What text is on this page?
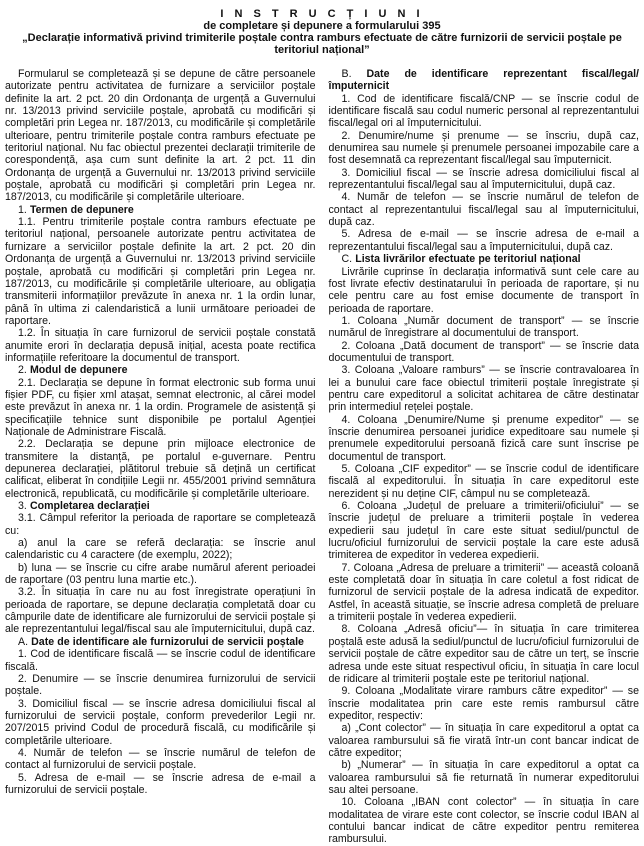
I N S T R U C Ț I U N I
de completare și depunere a formularului 395
„Declarație informativă privind trimiterile poștale contra ramburs efectuate de către furnizorii de servicii poștale pe teritoriul național”

Formularul se completează și se depune de către persoanele autorizate pentru activitatea de furnizare a serviciilor poștale definite la art. 2 pct. 20 din Ordonanța de urgență a Guvernului nr. 13/2013 privind serviciile poștale, aprobată cu modificări și completări prin Legea nr. 187/2013, cu modificările și completările ulterioare, pentru trimiterile poștale contra ramburs efectuate pe teritoriul național. Nu fac obiectul prezentei declarații trimiterile de corespondență, așa cum sunt definite la art. 2 pct. 11 din Ordonanța de urgență a Guvernului nr. 13/2013 privind serviciile poștale, aprobată cu modificări și completări prin Legea nr. 187/2013, cu modificările și completările ulterioare.

1. Termen de depunere

1.1. Pentru trimiterile poștale contra ramburs efectuate pe teritoriul național, persoanele autorizate pentru activitatea de furnizare a serviciilor poștale definite la art. 2 pct. 20 din Ordonanța de urgență a Guvernului nr. 13/2013 privind serviciile poștale, aprobată cu modificări și completări prin Legea nr. 187/2013, cu modificările și completările ulterioare, au obligația transmiterii informațiilor prevăzute în anexa nr. 1 la ordin lunar, până în ultima zi calendaristică a lunii următoare perioadei de raportare.

1.2. În situația în care furnizorul de servicii poștale constată anumite erori în declarația depusă inițial, acesta poate rectifica informațiile referitoare la documentul de transport.

2. Modul de depunere

2.1. Declarația se depune în format electronic sub forma unui fișier PDF, cu fișier xml atașat, semnat electronic, al cărei model este prevăzut în anexa nr. 1 la ordin. Programele de asistență și specificațiile tehnice sunt disponibile pe portalul Agenției Naționale de Administrare Fiscală.

2.2. Declarația se depune prin mijloace electronice de transmitere la distanță, pe portalul e-guvernare. Pentru depunerea declarației, plătitorul trebuie să dețină un certificat calificat, eliberat în condițiile Legii nr. 455/2001 privind semnătura electronică, republicată, cu modificările și completările ulterioare.

3. Completarea declarației

3.1. Câmpul referitor la perioada de raportare se completează cu:

a) anul la care se referă declarația: se înscrie anul calendaristic cu 4 caractere (de exemplu, 2022);

b) luna — se înscrie cu cifre arabe numărul aferent perioadei de raportare (03 pentru luna martie etc.).

3.2. În situația în care nu au fost înregistrate operațiuni în perioada de raportare, se depune declarația completată doar cu câmpurile date de identificare ale furnizorului de servicii poștale și ale reprezentantului legal/fiscal sau ale împuternicitului, după caz.

A. Date de identificare ale furnizorului de servicii poștale

1. Cod de identificare fiscală — se înscrie codul de identificare fiscală.

2. Denumire — se înscrie denumirea furnizorului de servicii poștale.

3. Domiciliul fiscal — se înscrie adresa domiciliului fiscal al furnizorului de servicii poștale, conform prevederilor Legii nr. 207/2015 privind Codul de procedură fiscală, cu modificările și completările ulterioare.

4. Număr de telefon — se înscrie numărul de telefon de contact al furnizorului de servicii poștale.

5. Adresa de e-mail — se înscrie adresa de e-mail a furnizorului de servicii poștale.

B. Date de identificare reprezentant fiscal/legal/împuternicit

1. Cod de identificare fiscală/CNP — se înscrie codul de identificare fiscală sau codul numeric personal al reprezentantului fiscal/legal ori al împuternicitului.

2. Denumire/nume și prenume — se înscriu, după caz, denumirea sau numele și prenumele persoanei impozabile care a fost desemnată ca reprezentant fiscal/legal sau împuternicit.

3. Domiciliul fiscal — se înscrie adresa domiciliului fiscal al reprezentantului fiscal/legal sau al împuternicitului, după caz.

4. Număr de telefon — se înscrie numărul de telefon de contact al reprezentantului fiscal/legal sau al împuternicitului, după caz.

5. Adresa de e-mail — se înscrie adresa de e-mail a reprezentantului fiscal/legal sau a împuternicitului, după caz.

C. Lista livrărilor efectuate pe teritoriul național

Livrările cuprinse în declarația informativă sunt cele care au fost livrate efectiv destinatarului în perioada de raportare, și nu cele pentru care au fost emise documente de transport în perioada de raportare.

1. Coloana „Număr document de transport” — se înscrie numărul de înregistrare al documentului de transport.

2. Coloana „Dată document de transport” — se înscrie data documentului de transport.

3. Coloana „Valoare ramburs” — se înscrie contravaloarea în lei a bunului care face obiectul trimiterii poștale înregistrate și pentru care expeditorul a solicitat achitarea de către destinatar prin intermediul rețelei poștale.

4. Coloana „Denumire/Nume și prenume expeditor” — se înscrie denumirea persoanei juridice expeditoare sau numele și prenumele expeditorului persoană fizică care sunt înscrise pe documentul de transport.

5. Coloana „CIF expeditor” — se înscrie codul de identificare fiscală al expeditorului. În situația în care expeditorul este nerezident și nu deține CIF, câmpul nu se completează.

6. Coloana „Județul de preluare a trimiterii/oficiului” — se înscrie județul de preluare a trimiterii poștale în vederea expedierii sau județul în care este situat sediul/punctul de lucru/oficiul furnizorului de servicii poștale la care este adusă trimiterea de expeditor în vederea expedierii.

7. Coloana „Adresa de preluare a trimiterii” — această coloană este completată doar în situația în care coletul a fost ridicat de furnizorul de servicii poștale de la adresa indicată de expeditor. Astfel, în această situație, se înscrie adresa completă de preluare a trimiterii poștale în vederea expedierii.

8. Coloana „Adresă oficiu”— în situația în care trimiterea poștală este adusă la sediul/punctul de lucru/oficiul furnizorului de servicii poștale de către expeditor sau de către un terț, se înscrie adresa unde este situat respectivul oficiu, în situația în care locul de ridicare al trimiterii poștale este pe teritoriul național.

9. Coloana „Modalitate virare ramburs către expeditor” — se înscrie modalitatea prin care este remis rambursul către expeditor, respectiv:

a) „Cont colector” — în situația în care expeditorul a optat ca valoarea rambursului să fie virată într-un cont bancar indicat de către expeditor;

b) „Numerar” — în situația în care expeditorul a optat ca valoarea rambursului să fie returnată în numerar expeditorului sau altei persoane.

10. Coloana „IBAN cont colector” — în situația în care modalitatea de virare este cont colector, se înscrie codul IBAN al contului bancar indicat de către expeditor pentru remiterea rambursului.
